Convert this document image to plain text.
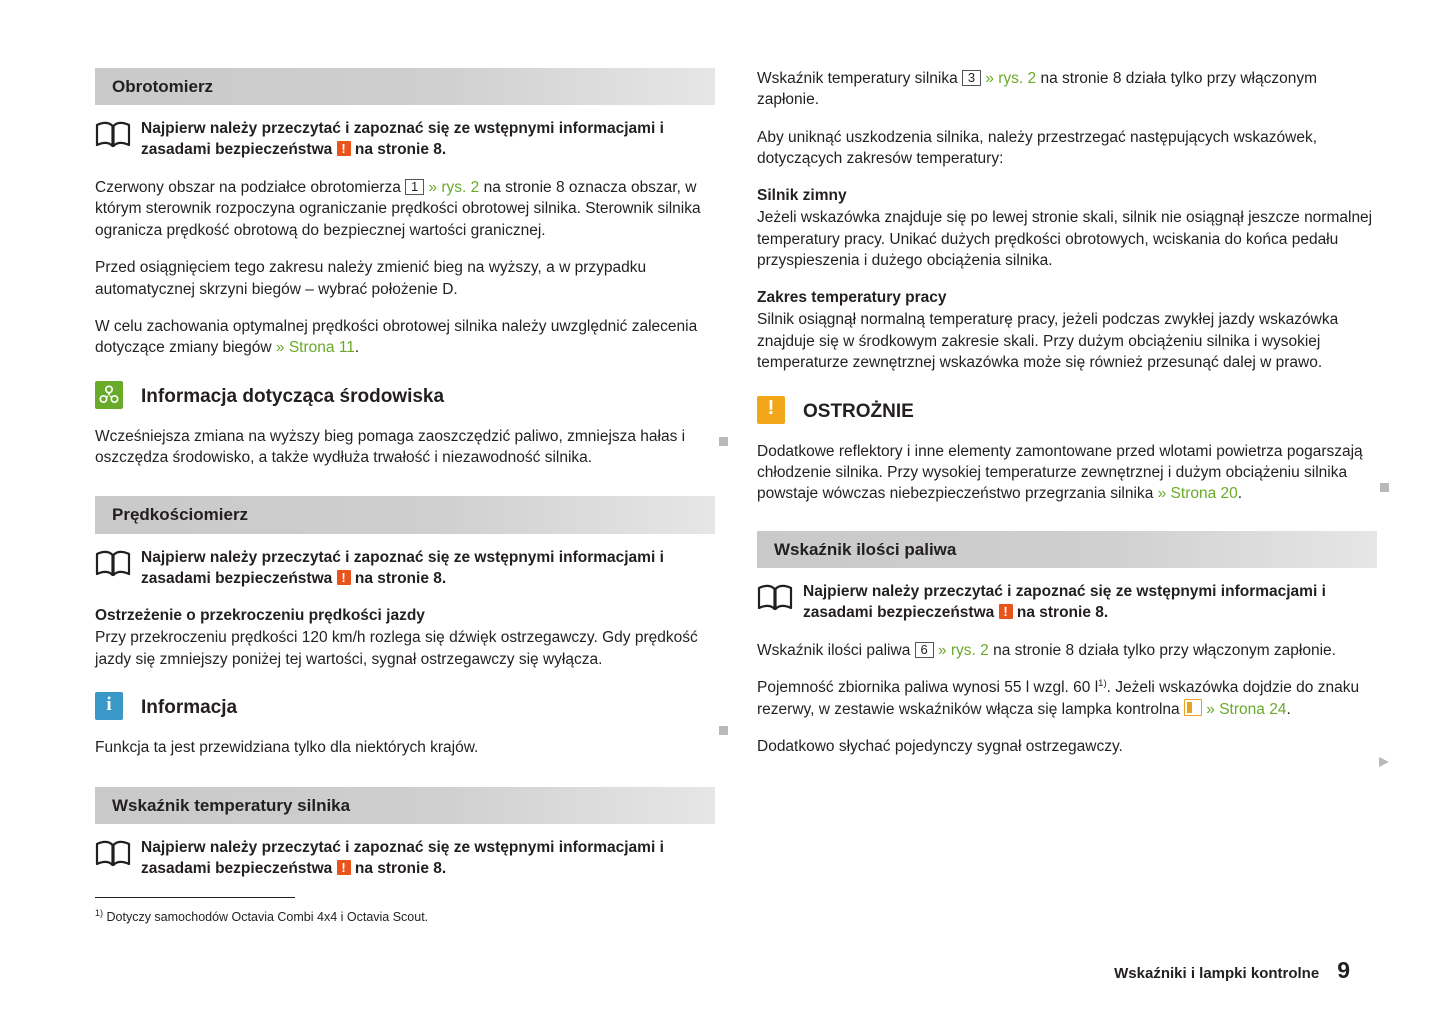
Obrotomierz
Najpierw należy przeczytać i zapoznać się ze wstępnymi informacjami i zasadami bezpieczeństwa ! na stronie 8.

Czerwony obszar na podziałce obrotomierza 1 » rys. 2 na stronie 8 oznacza obszar, w którym sterownik rozpoczyna ograniczanie prędkości obrotowej silnika. Sterownik silnika ogranicza prędkość obrotową do bezpiecznej wartości granicznej.

Przed osiągnięciem tego zakresu należy zmienić bieg na wyższy, a w przypadku automatycznej skrzyni biegów – wybrać położenie D.

W celu zachowania optymalnej prędkości obrotowej silnika należy uwzględnić zalecenia dotyczące zmiany biegów » Strona 11.

Informacja dotycząca środowiska

Wcześniejsza zmiana na wyższy bieg pomaga zaoszczędzić paliwo, zmniejsza hałas i oszczędza środowisko, a także wydłuża trwałość i niezawodność silnika.

Prędkościomierz
Najpierw należy przeczytać i zapoznać się ze wstępnymi informacjami i zasadami bezpieczeństwa ! na stronie 8.
Ostrzeżenie o przekroczeniu prędkości jazdy

Przy przekroczeniu prędkości 120 km/h rozlega się dźwięk ostrzegawczy. Gdy prędkość jazdy się zmniejszy poniżej tej wartości, sygnał ostrzegawczy się wyłącza.

i
Informacja

Funkcja ta jest przewidziana tylko dla niektórych krajów.

Wskaźnik temperatury silnika
Najpierw należy przeczytać i zapoznać się ze wstępnymi informacjami i zasadami bezpieczeństwa ! na stronie 8.

Wskaźnik temperatury silnika 3 » rys. 2 na stronie 8 działa tylko przy włączonym zapłonie.

Aby uniknąć uszkodzenia silnika, należy przestrzegać następujących wskazówek, dotyczących zakresów temperatury:

Silnik zimny

Jeżeli wskazówka znajduje się po lewej stronie skali, silnik nie osiągnął jeszcze normalnej temperatury pracy. Unikać dużych prędkości obrotowych, wciskania do końca pedału przyspieszenia i dużego obciążenia silnika.

Zakres temperatury pracy

Silnik osiągnął normalną temperaturę pracy, jeżeli podczas zwykłej jazdy wskazówka znajduje się w środkowym zakresie skali. Przy dużym obciążeniu silnika i wysokiej temperaturze zewnętrznej wskazówka może się również przesunąć dalej w prawo.

!
OSTROŻNIE

Dodatkowe reflektory i inne elementy zamontowane przed wlotami powietrza pogarszają chłodzenie silnika. Przy wysokiej temperaturze zewnętrznej i dużym obciążeniu silnika powstaje wówczas niebezpieczeństwo przegrzania silnika » Strona 20.

Wskaźnik ilości paliwa
Najpierw należy przeczytać i zapoznać się ze wstępnymi informacjami i zasadami bezpieczeństwa ! na stronie 8.

Wskaźnik ilości paliwa 6 » rys. 2 na stronie 8 działa tylko przy włączonym zapłonie.

Pojemność zbiornika paliwa wynosi 55 l wzgl. 60 l$^{1)}$. Jeżeli wskazówka dojdzie do znaku rezerwy, w zestawie wskaźników włącza się lampka kontrolna  » Strona 24.

Dodatkowo słychać pojedynczy sygnał ostrzegawczy.

$^{1)}$ Dotyczy samochodów Octavia Combi 4x4 i Octavia Scout.
Wskaźniki i lampki kontrolne 9
